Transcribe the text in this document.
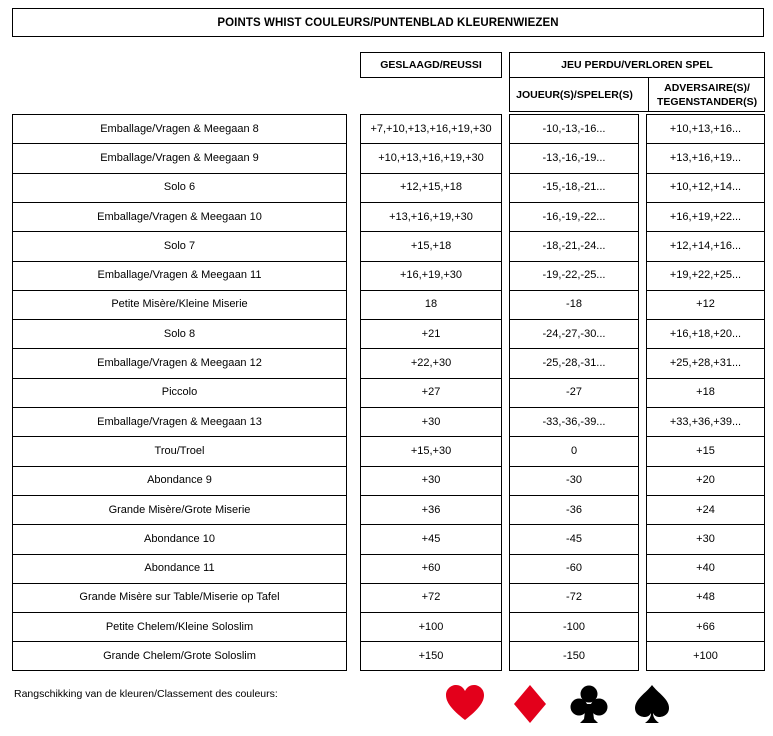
POINTS WHIST COULEURS/PUNTENBLAD KLEURENWIEZEN
GESLAAGD/REUSSI	JEU PERDU/VERLOREN SPEL
JOUEUR(S)/SPELER(S)
ADVERSAIRE(S)/ TEGENSTANDER(S)
Emballage/Vragen & Meegaan 8	+7,+10,+13,+16,+19,+30	-10,-13,-16...	+10,+13,+16...
Emballage/Vragen & Meegaan 9	+10,+13,+16,+19,+30	-13,-16,-19...	+13,+16,+19...
Solo 6	+12,+15,+18	-15,-18,-21...	+10,+12,+14...
Emballage/Vragen & Meegaan 10	+13,+16,+19,+30	-16,-19,-22...	+16,+19,+22...
Solo 7	+15,+18	-18,-21,-24...	+12,+14,+16...
Emballage/Vragen & Meegaan 11	+16,+19,+30	-19,-22,-25...	+19,+22,+25...
Petite Misère/Kleine Miserie	18	-18	+12
Solo 8	+21	-24,-27,-30...	+16,+18,+20...
Emballage/Vragen & Meegaan 12	+22,+30	-25,-28,-31...	+25,+28,+31...
Piccolo	+27	-27	+18
Emballage/Vragen & Meegaan 13	+30	-33,-36,-39...	+33,+36,+39...
Trou/Troel	+15,+30	0	+15
Abondance 9	+30	-30	+20
Grande Misère/Grote Miserie	+36	-36	+24
Abondance 10	+45	-45	+30
Abondance 11	+60	-60	+40
Grande Misère sur Table/Miserie op Tafel	+72	-72	+48
Petite Chelem/Kleine Soloslim	+100	-100	+66
Grande Chelem/Grote Soloslim	+150	-150	+100
Rangschikking van de kleuren/Classement des couleurs:
